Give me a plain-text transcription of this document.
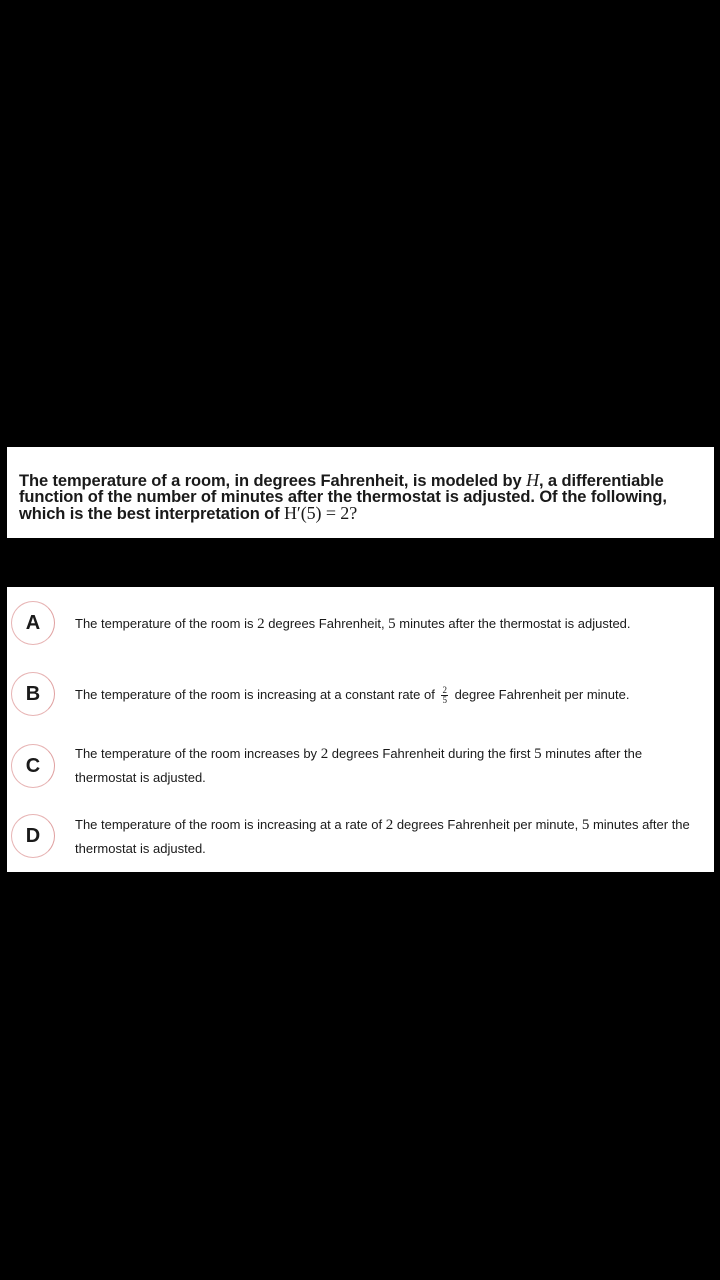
The temperature of a room, in degrees Fahrenheit, is modeled by H, a differentiable function of the number of minutes after the thermostat is adjusted. Of the following, which is the best interpretation of H′(5) = 2?

A	The temperature of the room is 2 degrees Fahrenheit, 5 minutes after the thermostat is adjusted.
B	The temperature of the room is increasing at a constant rate of $\frac{2}{5}$ degree Fahrenheit per minute.
C
The temperature of the room increases by 2 degrees Fahrenheit during the first 5 minutes after the thermostat is adjusted.
D	The temperature of the room is increasing at a rate of 2 degrees Fahrenheit per minute, 5 minutes after the thermostat is adjusted.
